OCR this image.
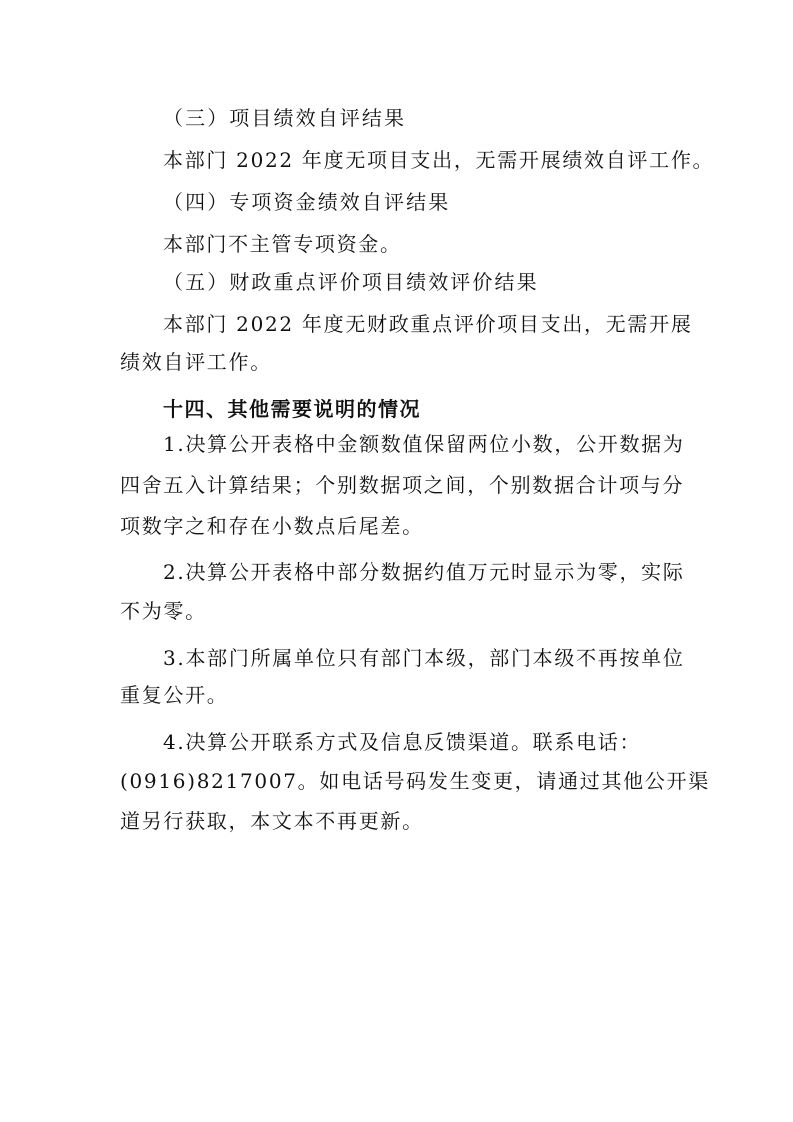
（三）项目绩效自评结果
本部门 2022 年度无项目支出，无需开展绩效自评工作。
（四）专项资金绩效自评结果
本部门不主管专项资金。
（五）财政重点评价项目绩效评价结果
本部门 2022 年度无财政重点评价项目支出，无需开展
绩效自评工作。
十四、其他需要说明的情况
1.决算公开表格中金额数值保留两位小数，公开数据为
四舍五入计算结果；个别数据项之间，个别数据合计项与分
项数字之和存在小数点后尾差。
2.决算公开表格中部分数据约值万元时显示为零，实际
不为零。
3.本部门所属单位只有部门本级，部门本级不再按单位
重复公开。
4.决算公开联系方式及信息反馈渠道。联系电话：
(0916)8217007。如电话号码发生变更，请通过其他公开渠
道另行获取，本文本不再更新。
